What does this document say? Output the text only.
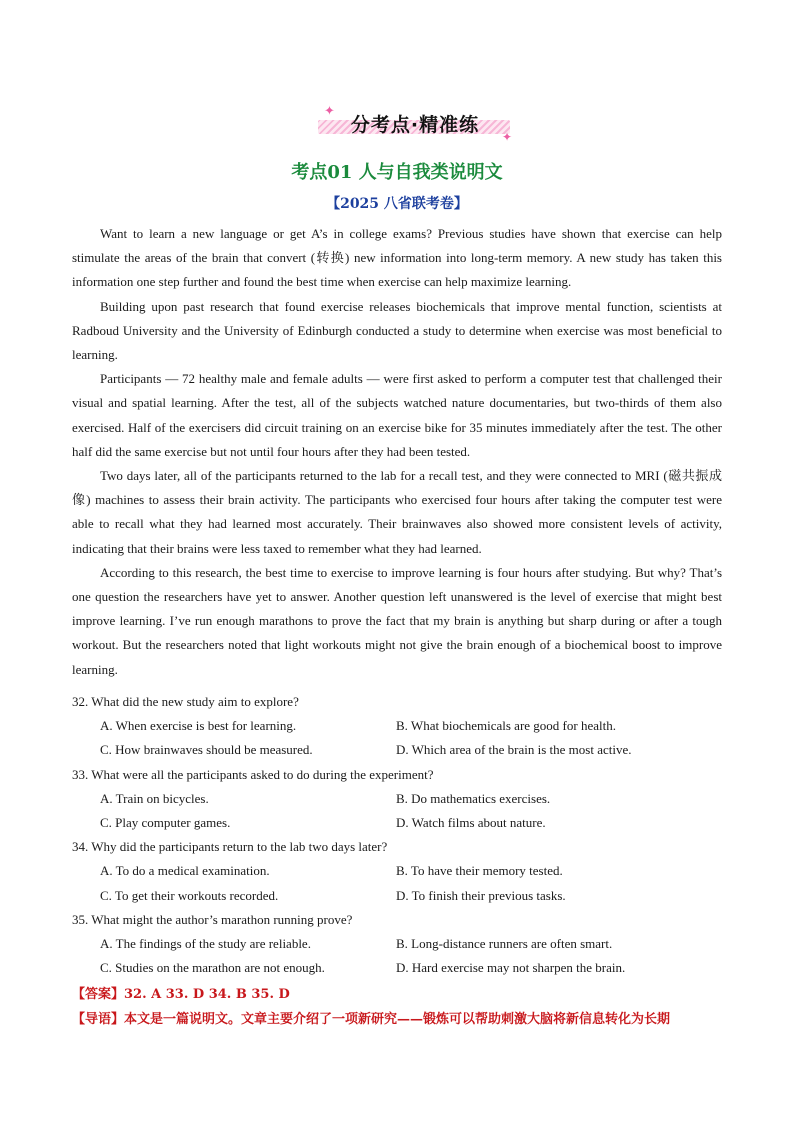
✦
✦
分考点·精准练
考点01 人与自我类说明文
【2025 八省联考卷】

Want to learn a new language or get A’s in college exams? Previous studies have shown that exercise can help stimulate the areas of the brain that convert (转换) new information into long-term memory. A new study has taken this information one step further and found the best time when exercise can help maximize learning.

Building upon past research that found exercise releases biochemicals that improve mental function, scientists at Radboud University and the University of Edinburgh conducted a study to determine when exercise was most beneficial to learning.

Participants — 72 healthy male and female adults — were first asked to perform a computer test that challenged their visual and spatial learning. After the test, all of the subjects watched nature documentaries, but two-thirds of them also exercised. Half of the exercisers did circuit training on an exercise bike for 35 minutes immediately after the test. The other half did the same exercise but not until four hours after they had been tested.

Two days later, all of the participants returned to the lab for a recall test, and they were connected to MRI (磁共振成像) machines to assess their brain activity. The participants who exercised four hours after taking the computer test were able to recall what they had learned most accurately. Their brainwaves also showed more consistent levels of activity, indicating that their brains were less taxed to remember what they had learned.

According to this research, the best time to exercise to improve learning is four hours after studying. But why? That’s one question the researchers have yet to answer. Another question left unanswered is the level of exercise that might best improve learning. I’ve run enough marathons to prove the fact that my brain is anything but sharp during or after a tough workout. But the researchers noted that light workouts might not give the brain enough of a biochemical boost to improve learning.

32. What did the new study aim to explore?
A. When exercise is best for learning.	B. What biochemicals are good for health.
C. How brainwaves should be measured.	D. Which area of the brain is the most active.
33. What were all the participants asked to do during the experiment?
A. Train on bicycles.	B. Do mathematics exercises.
C. Play computer games.	D. Watch films about nature.
34. Why did the participants return to the lab two days later?
A. To do a medical examination.	B. To have their memory tested.
C. To get their workouts recorded.	D. To finish their previous tasks.
35. What might the author’s marathon running prove?
A. The findings of the study are reliable.	B. Long-distance runners are often smart.
C. Studies on the marathon are not enough.	D. Hard exercise may not sharpen the brain.
【答案】32. A 33. D 34. B 35. D
【导语】本文是一篇说明文。文章主要介绍了一项新研究——锻炼可以帮助刺激大脑将新信息转化为长期
